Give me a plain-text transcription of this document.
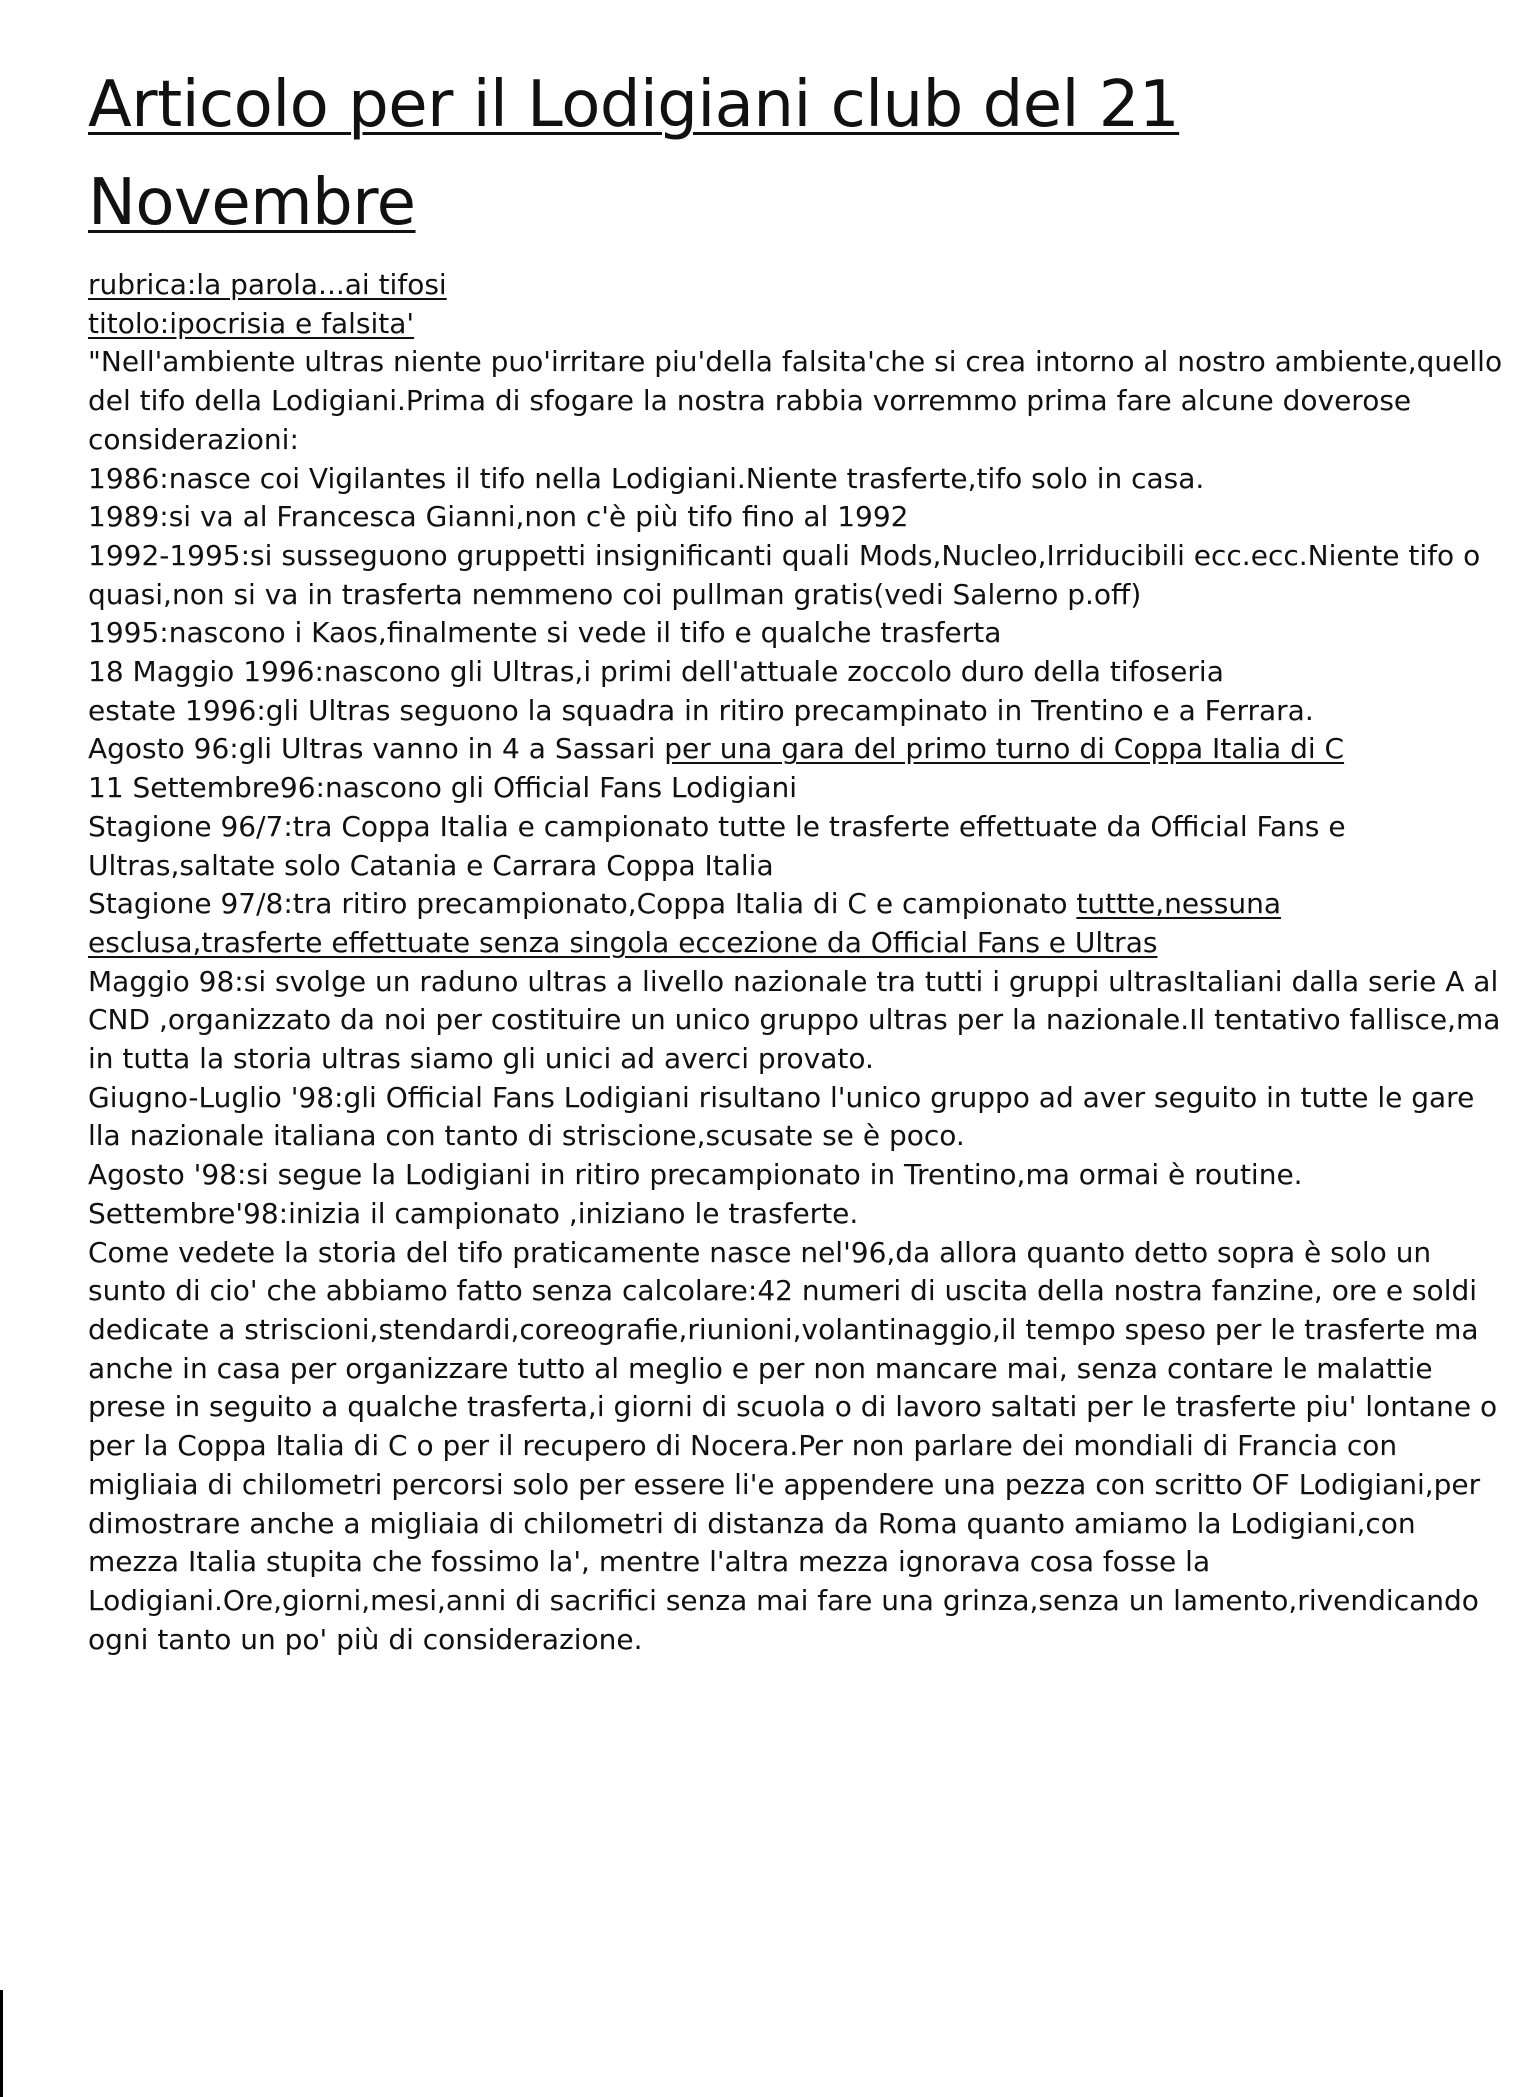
Articolo per il Lodigiani club del 21 Novembre

rubrica:la parola...ai tifosi

titolo:ipocrisia e falsita'

"Nell'ambiente ultras niente puo'irritare piu'della falsita'che si crea intorno al nostro ambiente,quello del tifo della Lodigiani.Prima di sfogare la nostra rabbia vorremmo prima fare alcune doverose considerazioni:

1986:nasce coi Vigilantes il tifo nella Lodigiani.Niente trasferte,tifo solo in casa.
1989:si va al Francesca Gianni,non c'è più tifo fino al 1992
1992-1995:si susseguono gruppetti insignificanti quali Mods,Nucleo,Irriducibili ecc.ecc.Niente tifo o quasi,non si va in trasferta nemmeno coi pullman gratis(vedi Salerno p.off)
1995:nascono i Kaos,finalmente si vede il tifo e qualche trasferta
18 Maggio 1996:nascono gli Ultras,i primi dell'attuale zoccolo duro della tifoseria
estate 1996:gli Ultras seguono la squadra in ritiro precampinato in Trentino e a Ferrara.
Agosto 96:gli Ultras vanno in 4 a Sassari per una gara del primo turno di Coppa Italia di C
11 Settembre96:nascono gli Official Fans Lodigiani
Stagione 96/7:tra Coppa Italia e campionato tutte le trasferte effettuate da Official Fans e Ultras,saltate solo Catania e Carrara Coppa Italia
Stagione 97/8:tra ritiro precampionato,Coppa Italia di C e campionato tuttte,nessuna esclusa,trasferte effettuate senza singola eccezione da Official Fans e Ultras
Maggio 98:si svolge un raduno ultras a livello nazionale tra tutti i gruppi ultrasItaliani dalla serie A al CND ,organizzato da noi per costituire un unico gruppo ultras per la nazionale.Il tentativo fallisce,ma in tutta la storia ultras siamo gli unici ad averci provato.
Giugno-Luglio '98:gli Official Fans Lodigiani risultano l'unico gruppo ad aver seguito in tutte le gare lla nazionale italiana con tanto di striscione,scusate se è poco.
Agosto '98:si segue la Lodigiani in ritiro precampionato in Trentino,ma ormai è routine.
Settembre'98:inizia il campionato ,iniziano le trasferte.

Come vedete la storia del tifo praticamente nasce nel'96,da allora quanto detto sopra è solo un sunto di cio' che abbiamo fatto senza calcolare:42 numeri di uscita della nostra fanzine, ore e soldi dedicate a striscioni,stendardi,coreografie,riunioni,volantinaggio,il tempo speso per le trasferte ma anche in casa per organizzare tutto al meglio e per non mancare mai, senza contare le malattie prese in seguito a qualche trasferta,i giorni di scuola o di lavoro saltati per le trasferte piu' lontane o per la Coppa Italia di C o per il recupero di Nocera.Per non parlare dei mondiali di Francia con migliaia di chilometri percorsi solo per essere li'e appendere una pezza con scritto OF Lodigiani,per dimostrare anche a migliaia di chilometri di distanza da Roma quanto amiamo la Lodigiani,con mezza Italia stupita che fossimo la', mentre l'altra mezza ignorava cosa fosse la Lodigiani.Ore,giorni,mesi,anni di sacrifici senza mai fare una grinza,senza un lamento,rivendicando ogni tanto un po' più di considerazione.
